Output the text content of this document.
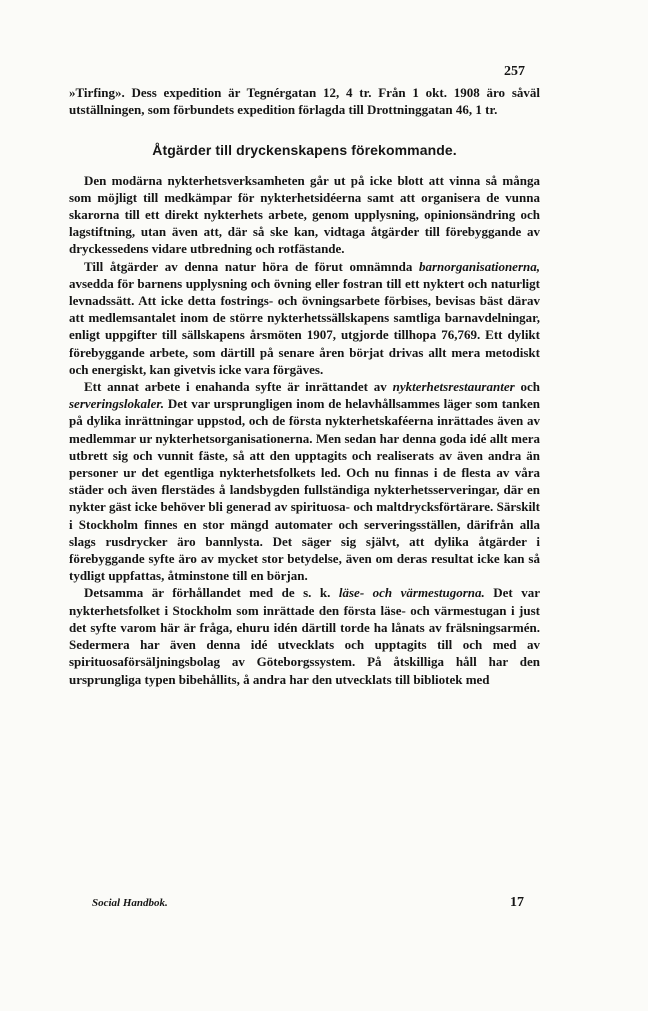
257

»Tirfing». Dess expedition är Tegnérgatan 12, 4 tr. Från 1 okt. 1908 äro såväl utställningen, som förbundets expedition förlagda till Drottninggatan 46, 1 tr.

Åtgärder till dryckenskapens förekommande.

Den modärna nykterhetsverksamheten går ut på icke blott att vinna så många som möjligt till medkämpar för nykterhetsidéerna samt att organisera de vunna skarorna till ett direkt nykterhets arbete, genom upplysning, opinionsändring och lagstiftning, utan även att, där så ske kan, vidtaga åtgärder till förebyggande av dryckessedens vidare utbredning och rotfästande.

Till åtgärder av denna natur höra de förut omnämnda barnorganisationerna, avsedda för barnens upplysning och övning eller fostran till ett nyktert och naturligt levnadssätt. Att icke detta fostrings- och övningsarbete förbises, bevisas bäst därav att medlemsantalet inom de större nykterhetssällskapens samtliga barnavdelningar, enligt uppgifter till sällskapens årsmöten 1907, utgjorde tillhopa 76,769. Ett dylikt förebyggande arbete, som därtill på senare åren börjat drivas allt mera metodiskt och energiskt, kan givetvis icke vara förgäves.

Ett annat arbete i enahanda syfte är inrättandet av nykterhetsrestauranter och serveringslokaler. Det var ursprungligen inom de helavhållsammes läger som tanken på dylika inrättningar uppstod, och de första nykterhetskaféerna inrättades även av medlemmar ur nykterhetsorganisationerna. Men sedan har denna goda idé allt mera utbrett sig och vunnit fäste, så att den upptagits och realiserats av även andra än personer ur det egentliga nykterhetsfolkets led. Och nu finnas i de flesta av våra städer och även flerstädes å landsbygden fullständiga nykterhetsserveringar, där en nykter gäst icke behöver bli generad av spirituosa- och maltdrycksförtärare. Särskilt i Stockholm finnes en stor mängd automater och serveringsställen, därifrån alla slags rusdrycker äro bannlysta. Det säger sig självt, att dylika åtgärder i förebyggande syfte äro av mycket stor betydelse, även om deras resultat icke kan så tydligt uppfattas, åtminstone till en början.

Detsamma är förhållandet med de s. k. läse- och värmestugorna. Det var nykterhetsfolket i Stockholm som inrättade den första läse- och värmestugan i just det syfte varom här är fråga, ehuru idén därtill torde ha lånats av frälsningsarmén. Sedermera har även denna idé utvecklats och upptagits till och med av spirituosaförsäljningsbolag av Göteborgssystem. På åtskilliga håll har den ursprungliga typen bibehållits, å andra har den utvecklats till bibliotek med

Social Handbok.	17
